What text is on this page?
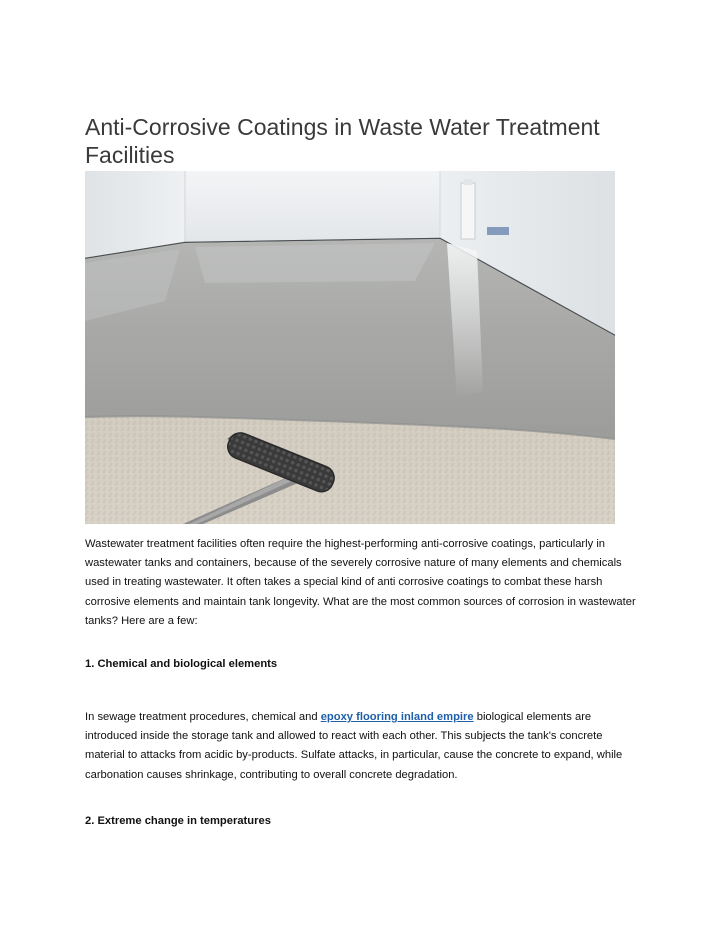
Anti-Corrosive Coatings in Waste Water Treatment Facilities

Wastewater treatment facilities often require the highest-performing anti-corrosive coatings, particularly in wastewater tanks and containers, because of the severely corrosive nature of many elements and chemicals used in treating wastewater. It often takes a special kind of anti corrosive coatings to combat these harsh corrosive elements and maintain tank longevity. What are the most common sources of corrosion in wastewater tanks? Here are a few:

1. Chemical and biological elements

In sewage treatment procedures, chemical and epoxy flooring inland empire biological elements are introduced inside the storage tank and allowed to react with each other. This subjects the tank's concrete material to attacks from acidic by-products. Sulfate attacks, in particular, cause the concrete to expand, while carbonation causes shrinkage, contributing to overall concrete degradation.

2. Extreme change in temperatures
